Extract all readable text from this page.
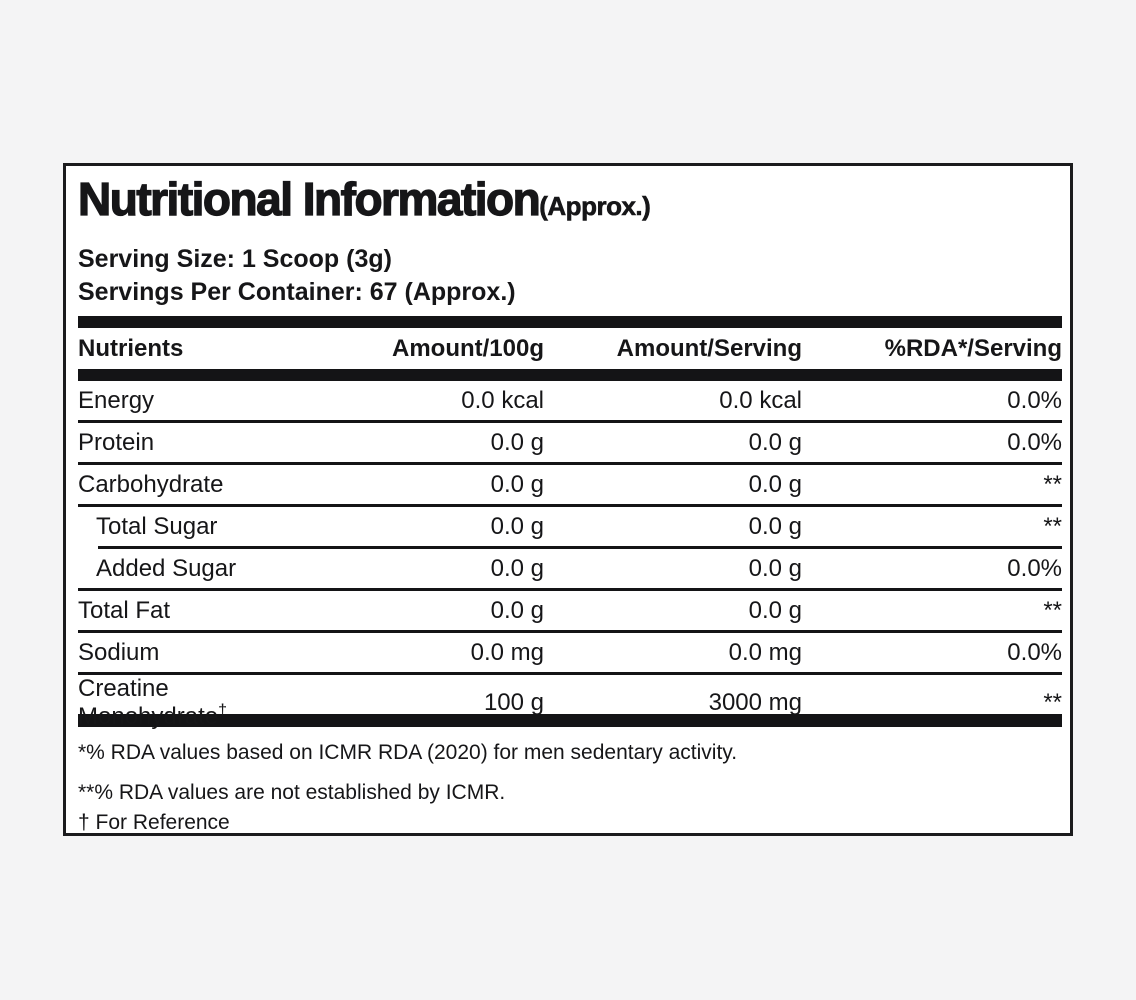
Nutritional Information (Approx.)
Serving Size: 1 Scoop (3g)
Servings Per Container: 67 (Approx.)
Nutrients	Amount/100g	Amount/Serving	%RDA*/Serving
Energy	0.0 kcal	0.0 kcal	0.0%
Protein	0.0 g	0.0 g	0.0%
Carbohydrate	0.0 g	0.0 g	**
Total Sugar	0.0 g	0.0 g	**
Added Sugar	0.0 g	0.0 g	0.0%
Total Fat	0.0 g	0.0 g	**
Sodium	0.0 mg	0.0 mg	0.0%
Creatine Monohydrate†	100 g	3000 mg	**
*% RDA values based on ICMR RDA (2020) for men sedentary activity.
**% RDA values are not established by ICMR.
† For Reference
